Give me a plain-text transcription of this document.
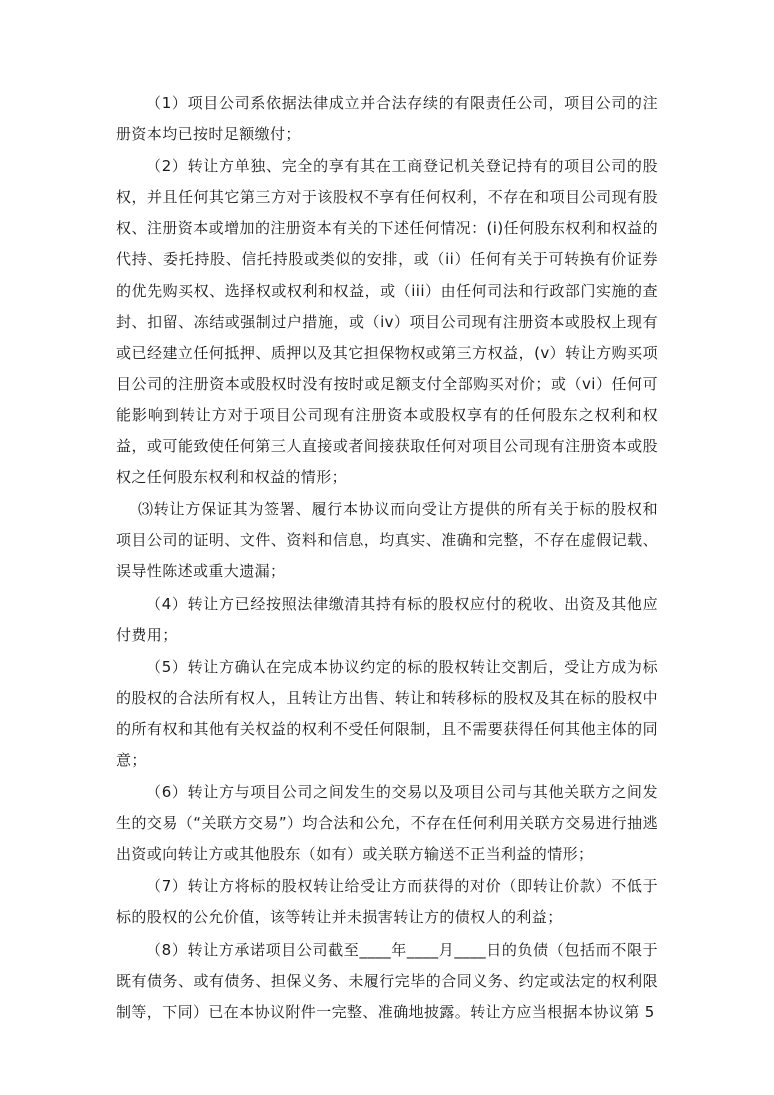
（1）项目公司系依据法律成立并合法存续的有限责任公司，项目公司的注册资本均已按时足额缴付；

（2）转让方单独、完全的享有其在工商登记机关登记持有的项目公司的股权，并且任何其它第三方对于该股权不享有任何权利，不存在和项目公司现有股权、注册资本或增加的注册资本有关的下述任何情况：(i)任何股东权利和权益的代持、委托持股、信托持股或类似的安排，或（ii）任何有关于可转换有价证券的优先购买权、选择权或权利和权益，或（iii）由任何司法和行政部门实施的查封、扣留、冻结或强制过户措施，或（iv）项目公司现有注册资本或股权上现有或已经建立任何抵押、质押以及其它担保物权或第三方权益，(v）转让方购买项目公司的注册资本或股权时没有按时或足额支付全部购买对价；或（vi）任何可能影响到转让方对于项目公司现有注册资本或股权享有的任何股东之权利和权益，或可能致使任何第三人直接或者间接获取任何对项目公司现有注册资本或股权之任何股东权利和权益的情形；

⑶转让方保证其为签署、履行本协议而向受让方提供的所有关于标的股权和项目公司的证明、文件、资料和信息，均真实、准确和完整，不存在虚假记载、误导性陈述或重大遗漏；

（4）转让方已经按照法律缴清其持有标的股权应付的税收、出资及其他应付费用；

（5）转让方确认在完成本协议约定的标的股权转让交割后，受让方成为标的股权的合法所有权人，且转让方出售、转让和转移标的股权及其在标的股权中的所有权和其他有关权益的权利不受任何限制，且不需要获得任何其他主体的同意；

（6）转让方与项目公司之间发生的交易以及项目公司与其他关联方之间发生的交易（“关联方交易”）均合法和公允，不存在任何利用关联方交易进行抽逃出资或向转让方或其他股东（如有）或关联方输送不正当利益的情形；

（7）转让方将标的股权转让给受让方而获得的对价（即转让价款）不低于标的股权的公允价值，该等转让并未损害转让方的债权人的利益；

（8）转让方承诺项目公司截至____年____月____日的负债（包括而不限于既有债务、或有债务、担保义务、未履行完毕的合同义务、约定或法定的权利限制等，下同）已在本协议附件一完整、准确地披露。转让方应当根据本协议第 5
